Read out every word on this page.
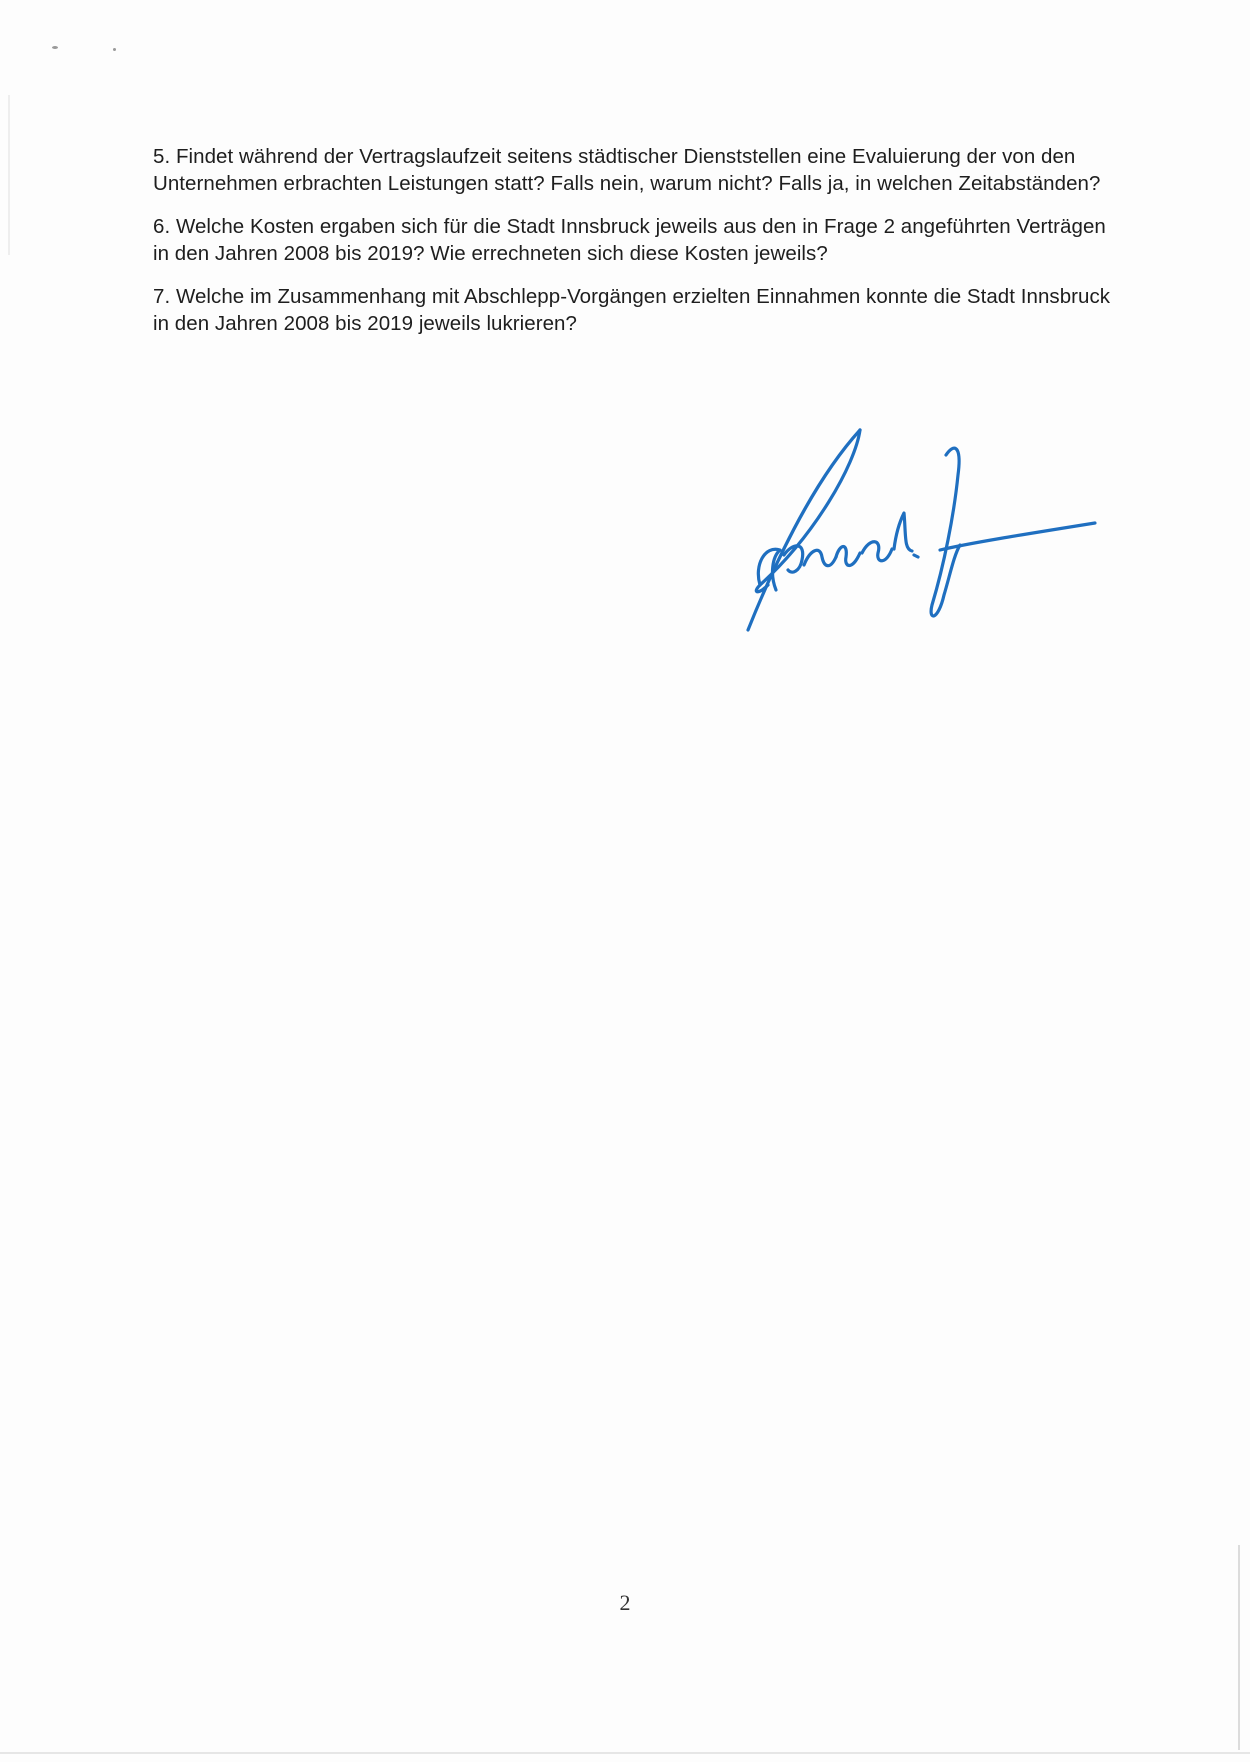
5. Findet während der Vertragslaufzeit seitens städtischer Dienststellen eine Evaluierung der von den Unternehmen erbrachten Leistungen statt? Falls nein, warum nicht? Falls ja, in welchen Zeitabständen?

6. Welche Kosten ergaben sich für die Stadt Innsbruck jeweils aus den in Frage 2 angeführten Verträgen in den Jahren 2008 bis 2019? Wie errechneten sich diese Kosten jeweils?

7. Welche im Zusammenhang mit Abschlepp-Vorgängen erzielten Einnahmen konnte die Stadt Innsbruck in den Jahren 2008 bis 2019 jeweils lukrieren?

2
